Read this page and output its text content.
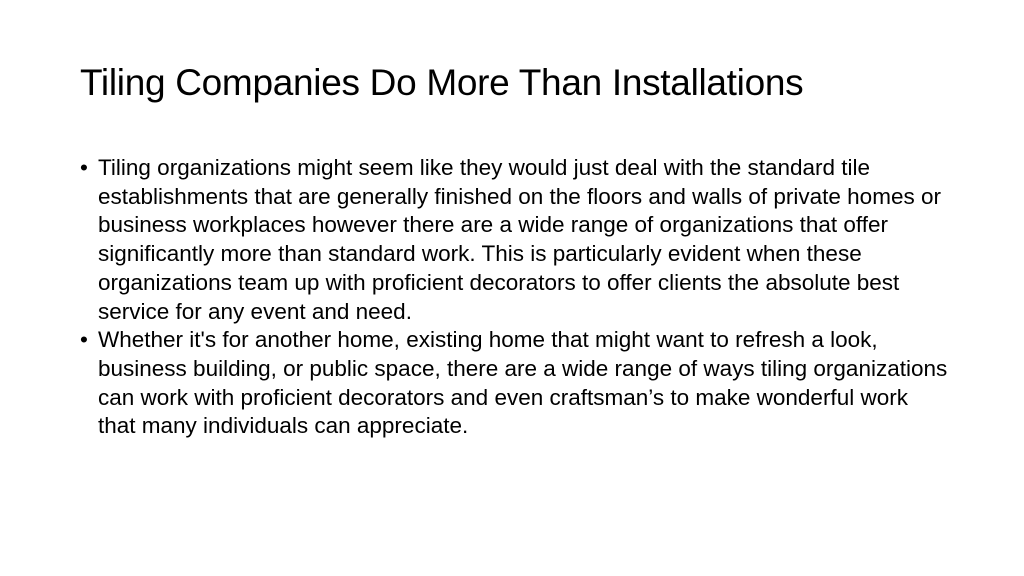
Tiling Companies Do More Than Installations
• Tiling organizations might seem like they would just deal with the standard tile establishments that are generally finished on the floors and walls of private homes or business workplaces however there are a wide range of organizations that offer significantly more than standard work. This is particularly evident when these organizations team up with proficient decorators to offer clients the absolute best service for any event and need.
• Whether it's for another home, existing home that might want to refresh a look, business building, or public space, there are a wide range of ways tiling organizations can work with proficient decorators and even craftsman’s to make wonderful work that many individuals can appreciate.
